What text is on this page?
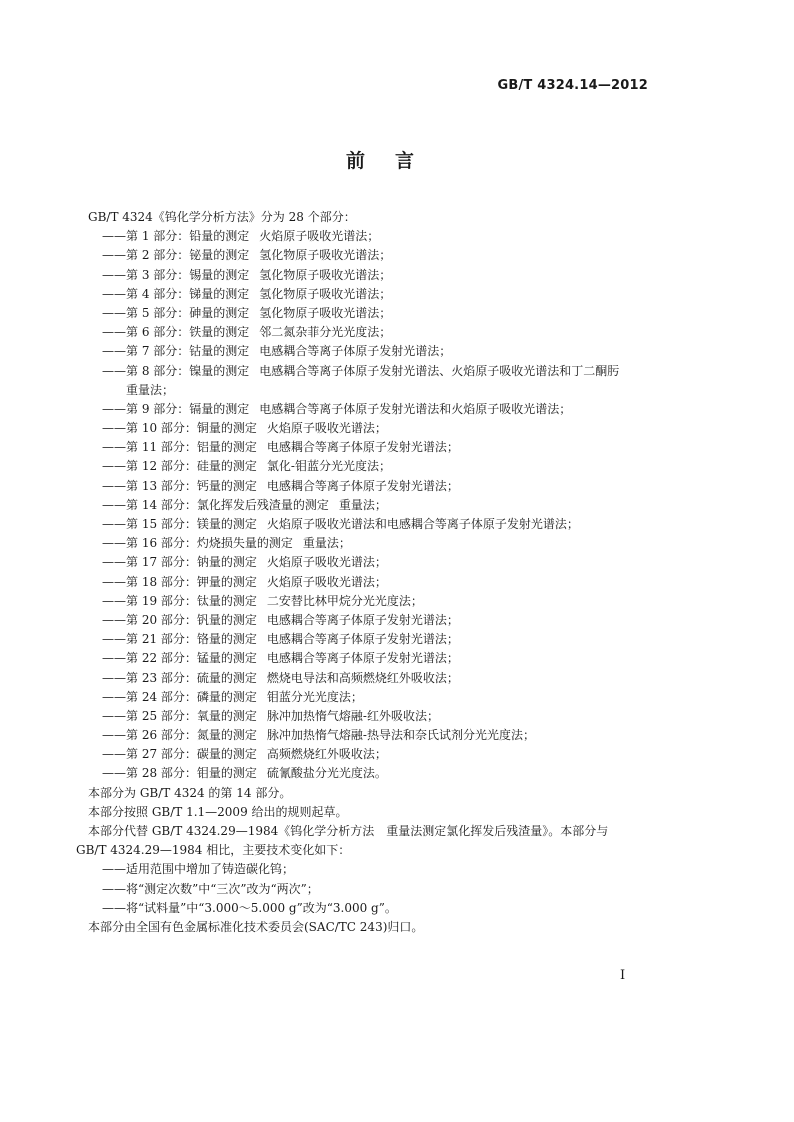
GB/T 4324.14—2012
前言
GB/T 4324《钨化学分析方法》分为 28 个部分：
——第 1 部分：铅量的测定 火焰原子吸收光谱法；
——第 2 部分：铋量的测定 氢化物原子吸收光谱法；
——第 3 部分：锡量的测定 氢化物原子吸收光谱法；
——第 4 部分：锑量的测定 氢化物原子吸收光谱法；
——第 5 部分：砷量的测定 氢化物原子吸收光谱法；
——第 6 部分：铁量的测定 邻二氮杂菲分光光度法；
——第 7 部分：钴量的测定 电感耦合等离子体原子发射光谱法；
——第 8 部分：镍量的测定 电感耦合等离子体原子发射光谱法、火焰原子吸收光谱法和丁二酮肟
重量法；
——第 9 部分：镉量的测定 电感耦合等离子体原子发射光谱法和火焰原子吸收光谱法；
——第 10 部分：铜量的测定 火焰原子吸收光谱法；
——第 11 部分：铝量的测定 电感耦合等离子体原子发射光谱法；
——第 12 部分：硅量的测定 氯化-钼蓝分光光度法；
——第 13 部分：钙量的测定 电感耦合等离子体原子发射光谱法；
——第 14 部分：氯化挥发后残渣量的测定 重量法；
——第 15 部分：镁量的测定 火焰原子吸收光谱法和电感耦合等离子体原子发射光谱法；
——第 16 部分：灼烧损失量的测定 重量法；
——第 17 部分：钠量的测定 火焰原子吸收光谱法；
——第 18 部分：钾量的测定 火焰原子吸收光谱法；
——第 19 部分：钛量的测定 二安替比林甲烷分光光度法；
——第 20 部分：钒量的测定 电感耦合等离子体原子发射光谱法；
——第 21 部分：铬量的测定 电感耦合等离子体原子发射光谱法；
——第 22 部分：锰量的测定 电感耦合等离子体原子发射光谱法；
——第 23 部分：硫量的测定 燃烧电导法和高频燃烧红外吸收法；
——第 24 部分：磷量的测定 钼蓝分光光度法；
——第 25 部分：氧量的测定 脉冲加热惰气熔融-红外吸收法；
——第 26 部分：氮量的测定 脉冲加热惰气熔融-热导法和奈氏试剂分光光度法；
——第 27 部分：碳量的测定 高频燃烧红外吸收法；
——第 28 部分：钼量的测定 硫氰酸盐分光光度法。
本部分为 GB/T 4324 的第 14 部分。
本部分按照 GB/T 1.1—2009 给出的规则起草。
本部分代替 GB/T 4324.29—1984《钨化学分析方法　重量法测定氯化挥发后残渣量》。本部分与
GB/T 4324.29—1984 相比，主要技术变化如下：
——适用范围中增加了铸造碳化钨；
——将“测定次数”中“三次”改为“两次”；
——将“试料量”中“3.000～5.000 g”改为“3.000 g”。
本部分由全国有色金属标准化技术委员会(SAC/TC 243)归口。
I
